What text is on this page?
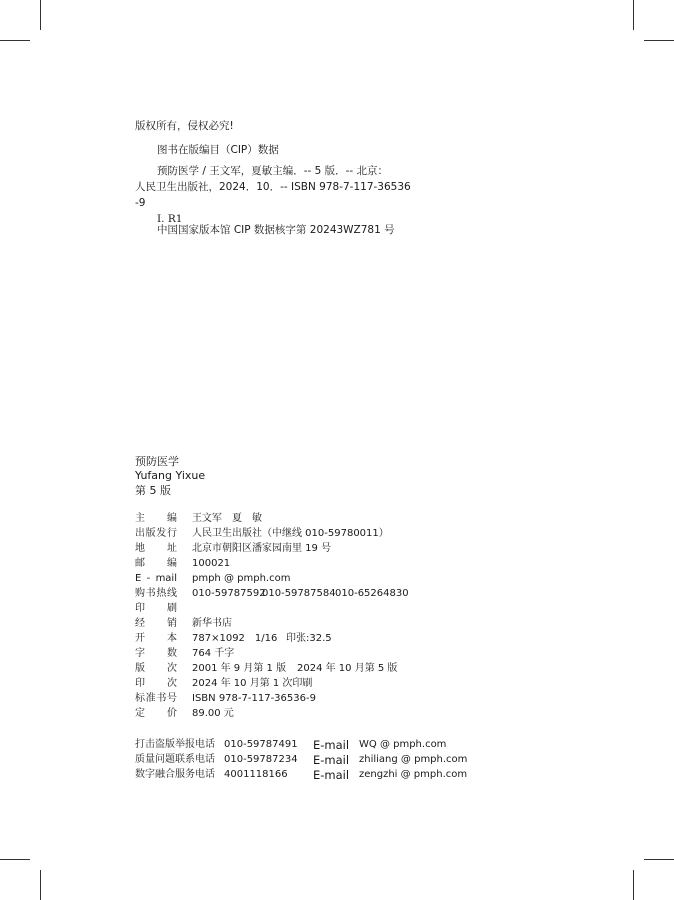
版权所有，侵权必究!
图书在版编目（CIP）数据
预防医学 / 王文军，夏敏主编．-- 5 版．-- 北京：
人民卫生出版社，2024．10．-- ISBN 978-7-117-36536
-9
Ⅰ. R1
中国国家版本馆 CIP 数据核字第 20243WZ781 号
预防医学
Yufang Yixue
第 5 版
主编 王文军　夏　敏
出版发行 人民卫生出版社（中继线 010-59780011）
地址 北京市朝阳区潘家园南里 19 号
邮编 100021
E - mail pmph @ pmph.com
购书热线 010-59787592
010-59787584 010-65264830
印刷
经销 新华书店
开本 787×1092　1/16 印张:32.5
字数 764 千字
版次 2001 年 9 月第 1 版 2024 年 10 月第 5 版
印次 2024 年 10 月第 1 次印刷
标准书号 ISBN 978-7-117-36536-9
定价 89.00 元
打击盗版举报电话 010-59787491 E-mail WQ @ pmph.com
质量问题联系电话 010-59787234 E-mail zhiliang @ pmph.com
数字融合服务电话 4001118166 E-mail zengzhi @ pmph.com
